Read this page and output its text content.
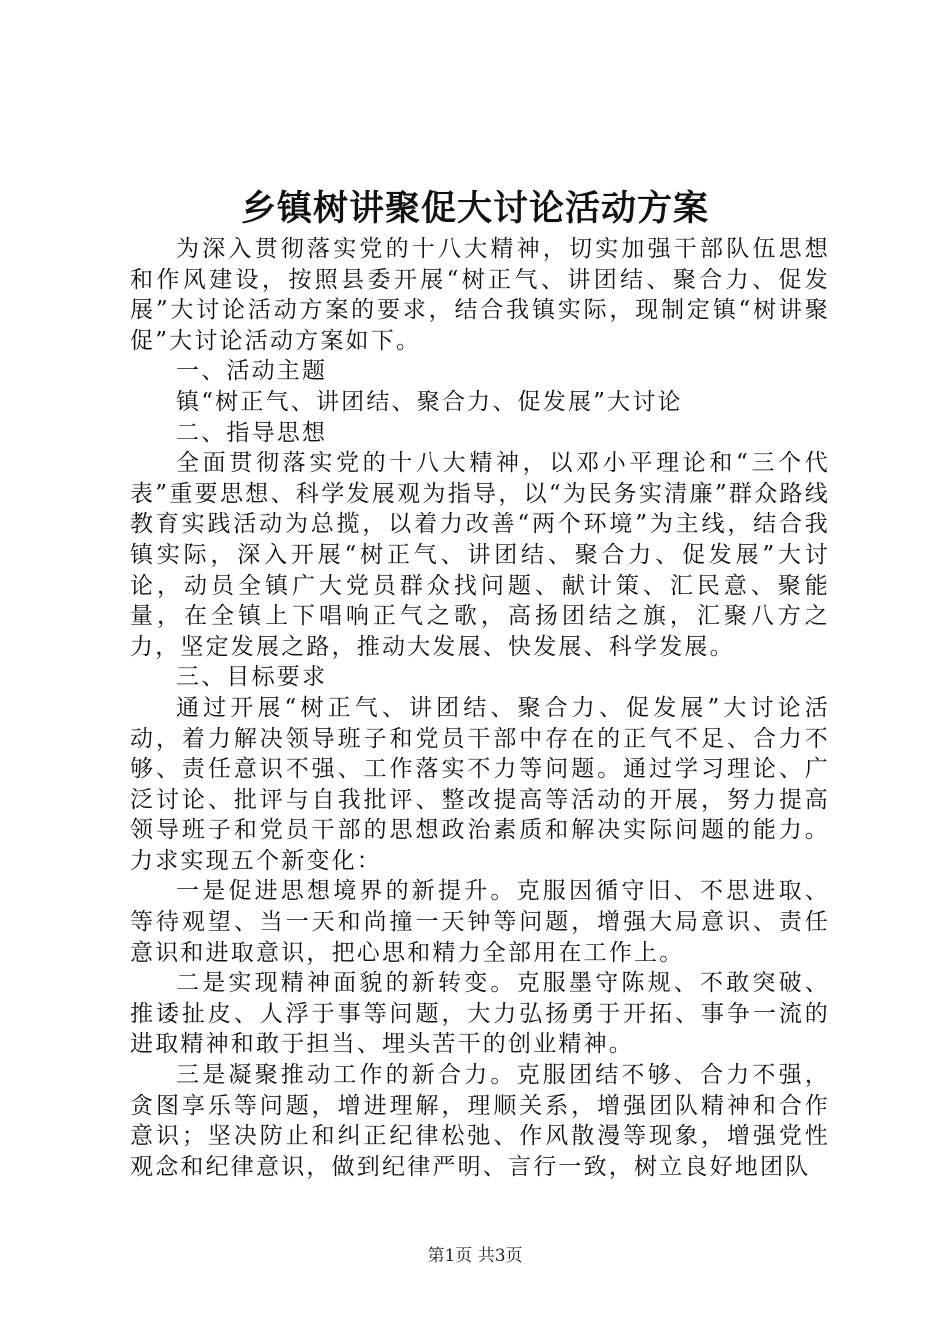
乡镇树讲聚促大讨论活动方案

为深入贯彻落实党的十八大精神，切实加强干部队伍思想和作风建设，按照县委开展“树正气、讲团结、聚合力、促发展”大讨论活动方案的要求，结合我镇实际，现制定镇“树讲聚促”大讨论活动方案如下。

一、活动主题

镇“树正气、讲团结、聚合力、促发展”大讨论

二、指导思想

全面贯彻落实党的十八大精神，以邓小平理论和“三个代表”重要思想、科学发展观为指导，以“为民务实清廉”群众路线教育实践活动为总揽，以着力改善“两个环境”为主线，结合我镇实际，深入开展“树正气、讲团结、聚合力、促发展”大讨论，动员全镇广大党员群众找问题、献计策、汇民意、聚能量，在全镇上下唱响正气之歌，高扬团结之旗，汇聚八方之力，坚定发展之路，推动大发展、快发展、科学发展。

三、目标要求

通过开展“树正气、讲团结、聚合力、促发展”大讨论活动，着力解决领导班子和党员干部中存在的正气不足、合力不够、责任意识不强、工作落实不力等问题。通过学习理论、广泛讨论、批评与自我批评、整改提高等活动的开展，努力提高领导班子和党员干部的思想政治素质和解决实际问题的能力。力求实现五个新变化：

一是促进思想境界的新提升。克服因循守旧、不思进取、等待观望、当一天和尚撞一天钟等问题，增强大局意识、责任意识和进取意识，把心思和精力全部用在工作上。

二是实现精神面貌的新转变。克服墨守陈规、不敢突破、推诿扯皮、人浮于事等问题，大力弘扬勇于开拓、事争一流的进取精神和敢于担当、埋头苦干的创业精神。

三是凝聚推动工作的新合力。克服团结不够、合力不强，贪图享乐等问题，增进理解，理顺关系，增强团队精神和合作意识；坚决防止和纠正纪律松弛、作风散漫等现象，增强党性观念和纪律意识，做到纪律严明、言行一致，树立良好地团队

第1页 共3页
